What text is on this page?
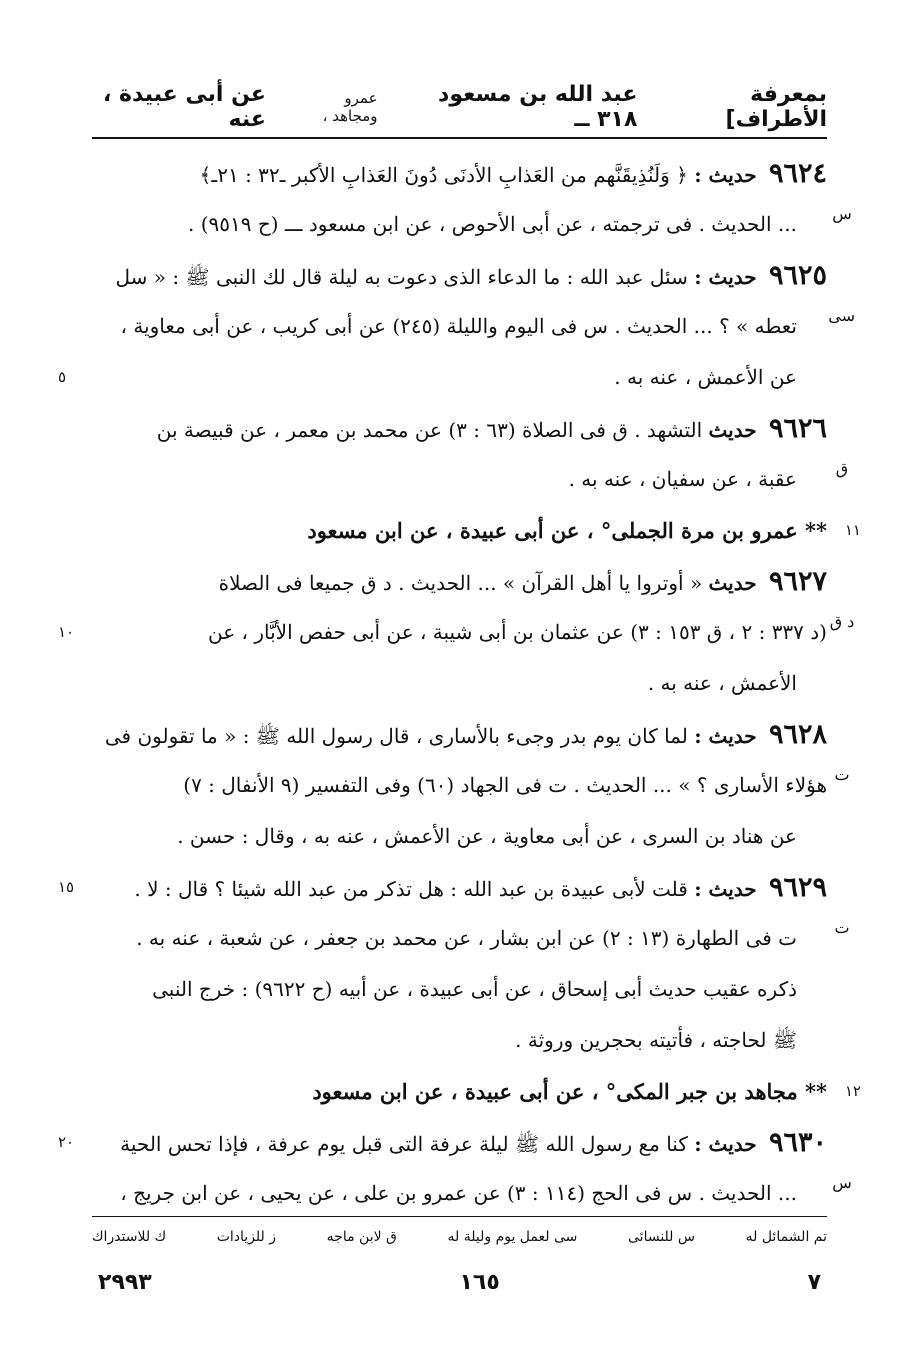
بمعرفة الأطراف]
عبد الله بن مسعود ٣١٨ ــ
عمرو ومجاهد ،
عن أبى عبيدة ، عنه
٩٦٢٤ حديث : ﴿ وَلَنُذِيقَنَّهم من العَذابِ الأدنَى دُونَ العَذابِ الأكبر ـ٣٢ : ٢١ـ﴾
س
... الحديث . فى ترجمته ، عن أبى الأحوص ، عن ابن مسعود ـــ (ح ٩٥١٩) .
٩٦٢٥ حديث : سئل عبد الله : ما الدعاء الذى دعوت به ليلة قال لك النبى ﷺ : « سل
سى
تعطه » ؟ ... الحديث . س فى اليوم والليلة (٢٤٥) عن أبى كريب ، عن أبى معاوية ،
عن الأعمش ، عنه به .
٥
٩٦٢٦ حديث التشهد . ق فى الصلاة (٦٣ : ٣) عن محمد بن معمر ، عن قبيصة بن
ق
عقبة ، عن سفيان ، عنه به .
١١
** عمرو بن مرة الجملى° ، عن أبى عبيدة ، عن ابن مسعود
٩٦٢٧ حديث « أوتروا يا أهل القرآن » ... الحديث . د ق جميعا فى الصلاة
د ق
(د ٣٣٧ : ٢ ، ق ١٥٣ : ٣) عن عثمان بن أبى شيبة ، عن أبى حفص الأبَّار ، عن
١٠
الأعمش ، عنه به .
٩٦٢٨ حديث : لما كان يوم بدر وجىء بالأسارى ، قال رسول الله ﷺ : « ما تقولون فى
ت
هؤلاء الأسارى ؟ » ... الحديث . ت فى الجهاد (٦٠) وفى التفسير (٩ الأنفال : ٧)
عن هناد بن السرى ، عن أبى معاوية ، عن الأعمش ، عنه به ، وقال : حسن .
٩٦٢٩ حديث : قلت لأبى عبيدة بن عبد الله : هل تذكر من عبد الله شيئا ؟ قال : لا .
١٥
ت
ت فى الطهارة (١٣ : ٢) عن ابن بشار ، عن محمد بن جعفر ، عن شعبة ، عنه به .
ذكره عقيب حديث أبى إسحاق ، عن أبى عبيدة ، عن أبيه (ح ٩٦٢٢) : خرج النبى
ﷺ لحاجته ، فأتيته بحجرين وروثة .
١٢
** مجاهد بن جبر المكى° ، عن أبى عبيدة ، عن ابن مسعود
٩٦٣٠ حديث : كنا مع رسول الله ﷺ ليلة عرفة التى قبل يوم عرفة ، فإذا تحس الحية
٢٠
س
... الحديث . س فى الحج (١١٤ : ٣) عن عمرو بن على ، عن يحيى ، عن ابن جريج ،
تم الشمائل له
س للنسائى
سى لعمل يوم وليلة له
ق لابن ماجه
ز للزيادات
ك للاستدراك
٧
١٦٥
٢٩٩٣
